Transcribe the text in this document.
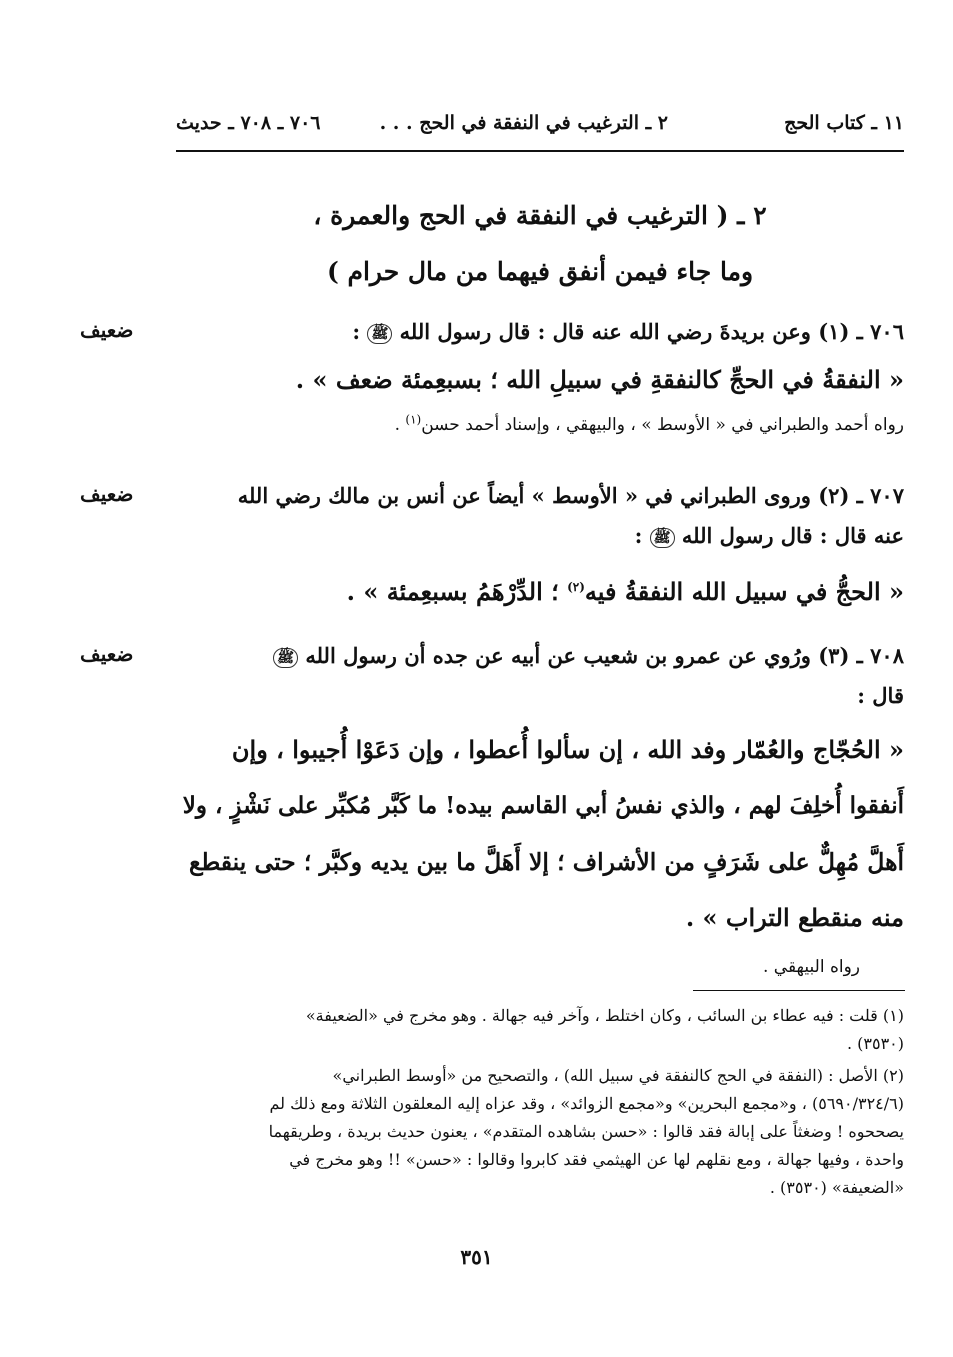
١١ ـ كتاب الحج
٢ ـ الترغيب في النفقة في الحج . . .
٧٠٦ ـ ٧٠٨ ـ حديث
٢ ـ ( الترغيب في النفقة في الحج والعمرة ،
وما جاء فيمن أنفق فيهما من مال حرام )
ضعيف	٧٠٦ ـ (١) وعن بريدةَ رضي الله عنه قال : قال رسول الله ﷺ :
« النفقةُ في الحجِّ كالنفقةِ في سبيلِ الله ؛ بسبعِمئة ضعف » .
رواه أحمد والطبراني في « الأوسط » ، والبيهقي ، وإسناد أحمد حسن$^{(١)}$ .
ضعيف	٧٠٧ ـ (٢) وروى الطبراني في « الأوسط » أيضاً عن أنس بن مالك رضي الله
عنه قال : قال رسول الله ﷺ :
« الحجُّ في سبيل الله النفقةُ فيه$^{(٢)}$ ؛ الدِّرْهَمُ بسبعِمئة » .
ضعيف	٧٠٨ ـ (٣) ورُوي عن عمرو بن شعيب عن أبيه عن جده أن رسول الله ﷺ
قال :
« الحُجّاج والعُمّار وفد الله ، إن سألوا أُعطوا ، وإن دَعَوْا أُجيبوا ، وإن
أَنفقوا أُخلِفَ لهم ، والذي نفسُ أبي القاسم بيده! ما كَبَّر مُكبِّر على نَشْزٍ ، ولا
أَهلَّ مُهِلٌّ على شَرَفٍ من الأشراف ؛ إلا أَهَلَّ ما بين يديه وكبَّر ؛ حتى ينقطع
منه منقطع التراب » .
رواه البيهقي .
(١) قلت : فيه عطاء بن السائب ، وكان اختلط ، وآخر فيه جهالة . وهو مخرج في «الضعيفة»
(٣٥٣٠) .
(٢) الأصل : (النفقة في الحج كالنفقة في سبيل الله) ، والتصحيح من «أوسط الطبراني»
(٥٦٩٠/٣٢٤/٦) ، و«مجمع البحرين» و«مجمع الزوائد» ، وقد عزاه إليه المعلقون الثلاثة ومع ذلك لم
يصححوه ! وضغثاً على إبالة فقد قالوا : «حسن بشاهده المتقدم» ، يعنون حديث بريدة ، وطريقهما
واحدة ، وفيها جهالة ، ومع نقلهم لها عن الهيثمي فقد كابروا وقالوا : «حسن» !! وهو مخرج في
«الضعيفة» (٣٥٣٠) .
٣٥١
